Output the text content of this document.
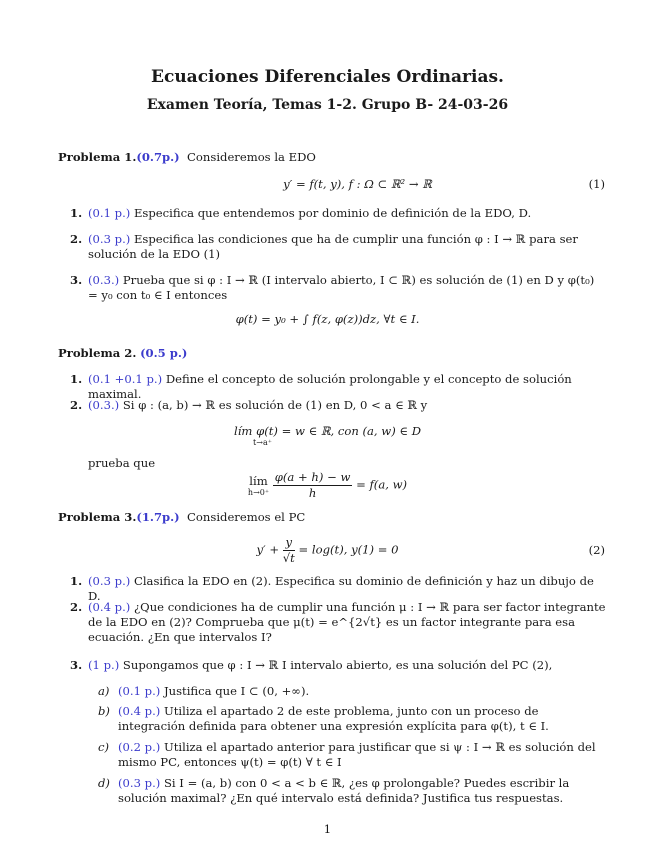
Ecuaciones Diferenciales Ordinarias.
Examen Teoría, Temas 1-2. Grupo B- 24-03-26
Problema 1.(0.7p.) Consideremos la EDO
y′ = f(t, y), f : Ω ⊂ ℝ² → ℝ	(1)
1. (0.1 p.) Especifica que entendemos por dominio de definición de la EDO, D.
2. (0.3 p.) Especifica las condiciones que ha de cumplir una función φ : I → ℝ para ser solución de la EDO (1)
3. (0.3.) Prueba que si φ : I → ℝ (I intervalo abierto, I ⊂ ℝ) es solución de (1) en D y φ(t₀) = y₀ con t₀ ∈ I entonces
φ(t) = y₀ + ∫ f(z, φ(z))dz, ∀t ∈ I.
Problema 2. (0.5 p.)
1. (0.1 +0.1 p.) Define el concepto de solución prolongable y el concepto de solución maximal.
2. (0.3.) Si φ : (a, b) → ℝ es solución de (1) en D, 0 < a ∈ ℝ y
lím φ(t) = w ∈ ℝ, con (a, w) ∈ D
t→a⁺
prueba que
lím
h→0⁺
$\frac{\varphi(a + h) - w}{h} = f(a$, w)
Problema 3.(1.7p.) Consideremos el PC
$y' + \frac{y}{√t} = \log(t)$, y(1) = 0	(2)
1. (0.3 p.) Clasifica la EDO en (2). Especifica su dominio de definición y haz un dibujo de D.
2. (0.4 p.) ¿Que condiciones ha de cumplir una función μ : I → ℝ para ser factor integrante de la EDO en (2)? Comprueba que μ(t) = e^{2√t} es un factor integrante para esa ecuación. ¿En que intervalos I?
3. (1 p.) Supongamos que φ : I → ℝ I intervalo abierto, es una solución del PC (2),
a) (0.1 p.) Justifica que I ⊂ (0, +∞).
b) (0.4 p.) Utiliza el apartado 2 de este problema, junto con un proceso de integración definida para obtener una expresión explícita para φ(t), t ∈ I.
c) (0.2 p.) Utiliza el apartado anterior para justificar que si ψ : I → ℝ es solución del mismo PC, entonces ψ(t) = φ(t) ∀ t ∈ I
d) (0.3 p.) Si I = (a, b) con 0 < a < b ∈ ℝ, ¿es φ prolongable? Puedes escribir la solución maximal? ¿En qué intervalo está definida? Justifica tus respuestas.
1
